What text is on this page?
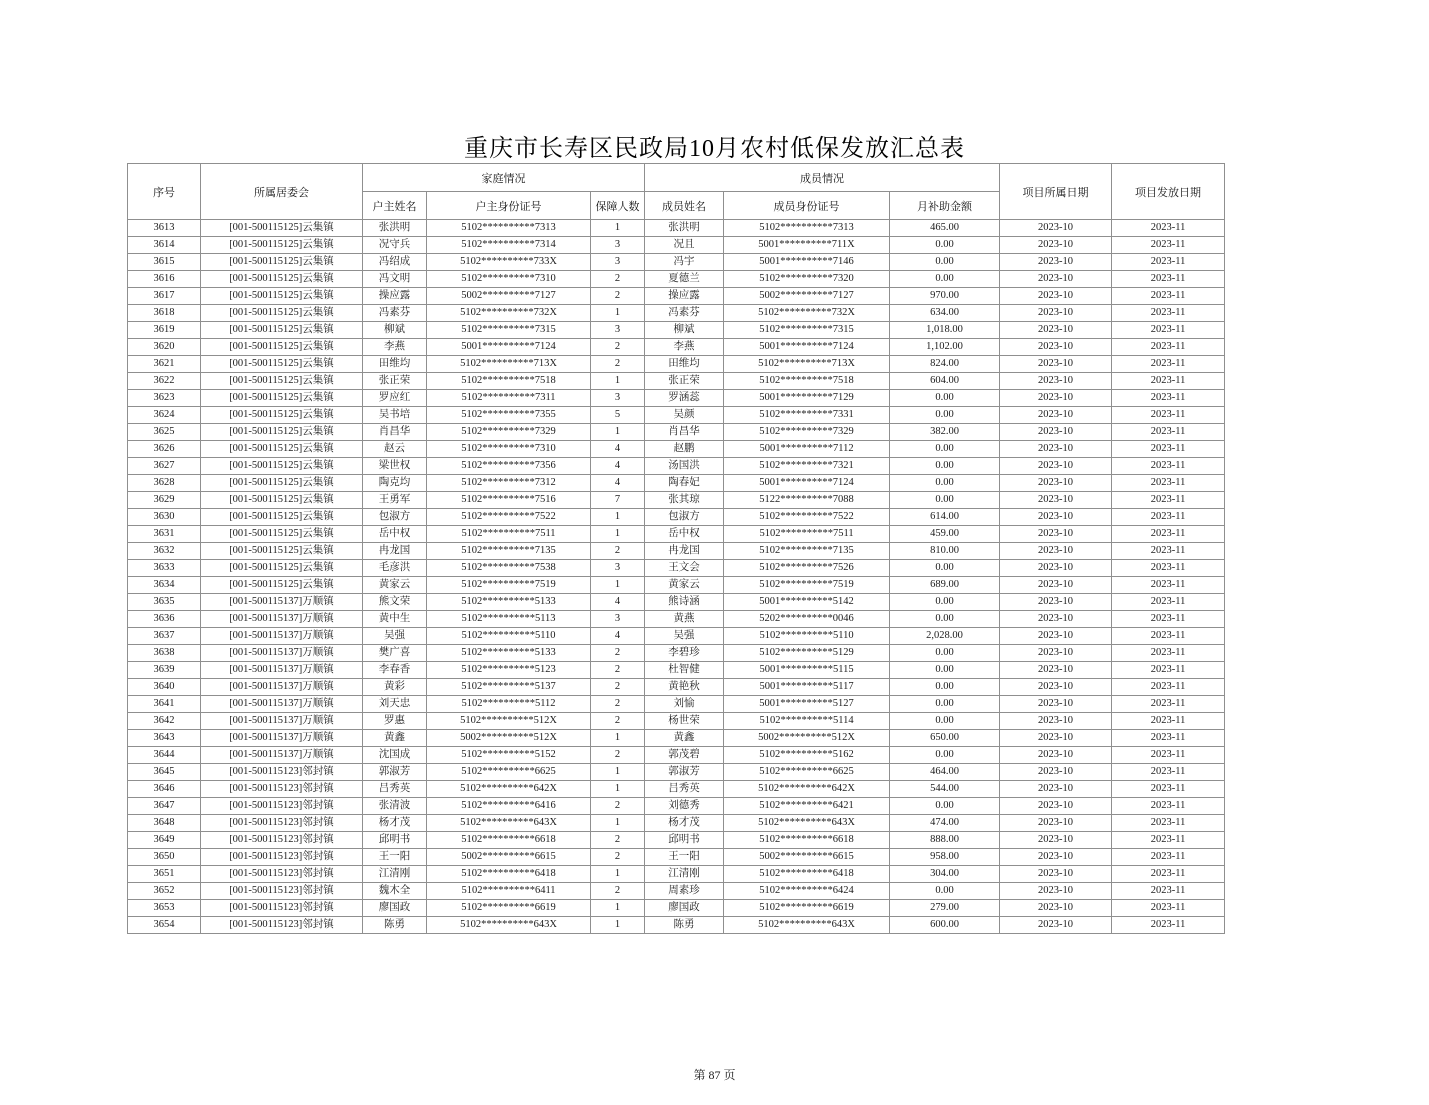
重庆市长寿区民政局10月农村低保发放汇总表
序号	所属居委会	家庭情况			成员情况			项目所属日期	项目发放日期
		户主姓名	户主身份证号	保障人数	成员姓名	成员身份证号	月补助金额		
3613	[001-500115125]云集镇	张洪明	5102**********7313	1	张洪明	5102**********7313	465.00	2023-10	2023-11
3614	[001-500115125]云集镇	况守兵	5102**********7314	3	况且	5001**********711X	0.00	2023-10	2023-11
3615	[001-500115125]云集镇	冯绍成	5102**********733X	3	冯宇	5001**********7146	0.00	2023-10	2023-11
3616	[001-500115125]云集镇	冯文明	5102**********7310	2	夏德兰	5102**********7320	0.00	2023-10	2023-11
3617	[001-500115125]云集镇	操应露	5002**********7127	2	操应露	5002**********7127	970.00	2023-10	2023-11
3618	[001-500115125]云集镇	冯素芬	5102**********732X	1	冯素芬	5102**********732X	634.00	2023-10	2023-11
3619	[001-500115125]云集镇	柳斌	5102**********7315	3	柳斌	5102**********7315	1,018.00	2023-10	2023-11
3620	[001-500115125]云集镇	李燕	5001**********7124	2	李燕	5001**********7124	1,102.00	2023-10	2023-11
3621	[001-500115125]云集镇	田维均	5102**********713X	2	田维均	5102**********713X	824.00	2023-10	2023-11
3622	[001-500115125]云集镇	张正荣	5102**********7518	1	张正荣	5102**********7518	604.00	2023-10	2023-11
3623	[001-500115125]云集镇	罗应红	5102**********7311	3	罗涵蕊	5001**********7129	0.00	2023-10	2023-11
3624	[001-500115125]云集镇	吴书培	5102**********7355	5	吴颜	5102**********7331	0.00	2023-10	2023-11
3625	[001-500115125]云集镇	肖昌华	5102**********7329	1	肖昌华	5102**********7329	382.00	2023-10	2023-11
3626	[001-500115125]云集镇	赵云	5102**********7310	4	赵鹏	5001**********7112	0.00	2023-10	2023-11
3627	[001-500115125]云集镇	梁世权	5102**********7356	4	汤国洪	5102**********7321	0.00	2023-10	2023-11
3628	[001-500115125]云集镇	陶克均	5102**********7312	4	陶春妃	5001**********7124	0.00	2023-10	2023-11
3629	[001-500115125]云集镇	王勇军	5102**********7516	7	张其琼	5122**********7088	0.00	2023-10	2023-11
3630	[001-500115125]云集镇	包淑方	5102**********7522	1	包淑方	5102**********7522	614.00	2023-10	2023-11
3631	[001-500115125]云集镇	岳中权	5102**********7511	1	岳中权	5102**********7511	459.00	2023-10	2023-11
3632	[001-500115125]云集镇	冉龙国	5102**********7135	2	冉龙国	5102**********7135	810.00	2023-10	2023-11
3633	[001-500115125]云集镇	毛彦洪	5102**********7538	3	王文会	5102**********7526	0.00	2023-10	2023-11
3634	[001-500115125]云集镇	黄家云	5102**********7519	1	黄家云	5102**********7519	689.00	2023-10	2023-11
3635	[001-500115137]万顺镇	熊文荣	5102**********5133	4	熊诗涵	5001**********5142	0.00	2023-10	2023-11
3636	[001-500115137]万顺镇	黄中生	5102**********5113	3	黄燕	5202**********0046	0.00	2023-10	2023-11
3637	[001-500115137]万顺镇	吴强	5102**********5110	4	吴强	5102**********5110	2,028.00	2023-10	2023-11
3638	[001-500115137]万顺镇	樊广喜	5102**********5133	2	李碧珍	5102**********5129	0.00	2023-10	2023-11
3639	[001-500115137]万顺镇	李春香	5102**********5123	2	杜智健	5001**********5115	0.00	2023-10	2023-11
3640	[001-500115137]万顺镇	黄彩	5102**********5137	2	黄艳秋	5001**********5117	0.00	2023-10	2023-11
3641	[001-500115137]万顺镇	刘天忠	5102**********5112	2	刘愉	5001**********5127	0.00	2023-10	2023-11
3642	[001-500115137]万顺镇	罗惠	5102**********512X	2	杨世荣	5102**********5114	0.00	2023-10	2023-11
3643	[001-500115137]万顺镇	黄鑫	5002**********512X	1	黄鑫	5002**********512X	650.00	2023-10	2023-11
3644	[001-500115137]万顺镇	沈国成	5102**********5152	2	郭茂碧	5102**********5162	0.00	2023-10	2023-11
3645	[001-500115123]邻封镇	郭淑芳	5102**********6625	1	郭淑芳	5102**********6625	464.00	2023-10	2023-11
3646	[001-500115123]邻封镇	吕秀英	5102**********642X	1	吕秀英	5102**********642X	544.00	2023-10	2023-11
3647	[001-500115123]邻封镇	张清波	5102**********6416	2	刘德秀	5102**********6421	0.00	2023-10	2023-11
3648	[001-500115123]邻封镇	杨才茂	5102**********643X	1	杨才茂	5102**********643X	474.00	2023-10	2023-11
3649	[001-500115123]邻封镇	邱明书	5102**********6618	2	邱明书	5102**********6618	888.00	2023-10	2023-11
3650	[001-500115123]邻封镇	王一阳	5002**********6615	2	王一阳	5002**********6615	958.00	2023-10	2023-11
3651	[001-500115123]邻封镇	江清刚	5102**********6418	1	江清刚	5102**********6418	304.00	2023-10	2023-11
3652	[001-500115123]邻封镇	魏木全	5102**********6411	2	周素珍	5102**********6424	0.00	2023-10	2023-11
3653	[001-500115123]邻封镇	廖国政	5102**********6619	1	廖国政	5102**********6619	279.00	2023-10	2023-11
3654	[001-500115123]邻封镇	陈勇	5102**********643X	1	陈勇	5102**********643X	600.00	2023-10	2023-11
第 87 页
